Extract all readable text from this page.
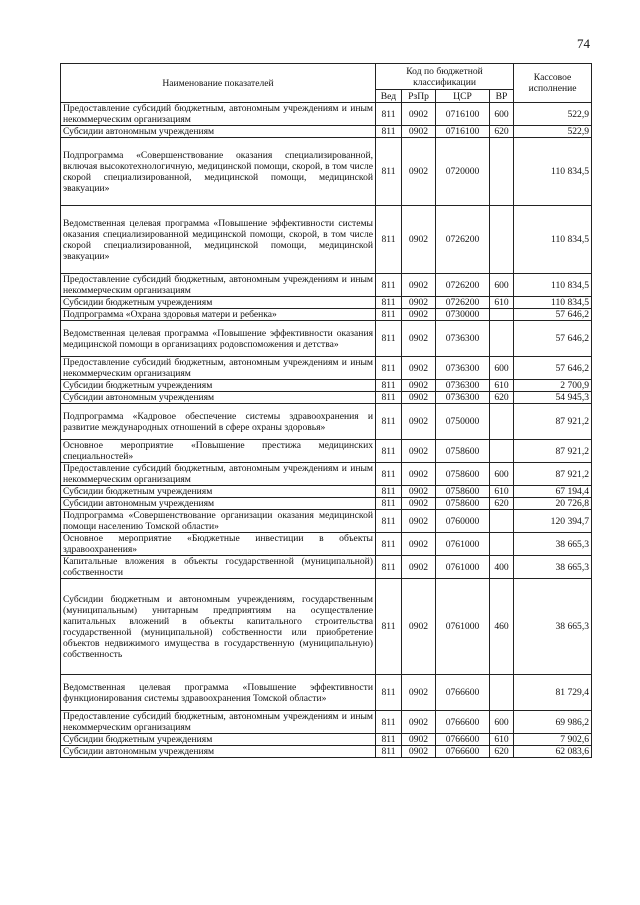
74
Наименование показателей	Код по бюджетной классификации				Кассовое исполнение
	Вед	РзПр	ЦСР	ВР	
Предоставление субсидий бюджетным, автономным учреждениям и иным некоммерческим организациям	811	0902	0716100	600	522,9
Субсидии автономным учреждениям	811	0902	0716100	620	522,9
Подпрограмма «Совершенствование оказания специализированной, включая высокотехнологичную, медицинской помощи, скорой, в том числе скорой специализированной, медицинской помощи, медицинской эвакуации»	811	0902	0720000		110 834,5
Ведомственная целевая программа «Повышение эффективности системы оказания специализированной медицинской помощи, скорой, в том числе скорой специализированной, медицинской помощи, медицинской эвакуации»	811	0902	0726200		110 834,5
Предоставление субсидий бюджетным, автономным учреждениям и иным некоммерческим организациям	811	0902	0726200	600	110 834,5
Субсидии бюджетным учреждениям	811	0902	0726200	610	110 834,5
Подпрограмма «Охрана здоровья матери и ребенка»	811	0902	0730000		57 646,2
Ведомственная целевая программа «Повышение эффективности оказания медицинской помощи в организациях родовспоможения и детства»	811	0902	0736300		57 646,2
Предоставление субсидий бюджетным, автономным учреждениям и иным некоммерческим организациям	811	0902	0736300	600	57 646,2
Субсидии бюджетным учреждениям	811	0902	0736300	610	2 700,9
Субсидии автономным учреждениям	811	0902	0736300	620	54 945,3
Подпрограмма «Кадровое обеспечение системы здравоохранения и развитие международных отношений в сфере охраны здоровья»	811	0902	0750000		87 921,2
Основное мероприятие «Повышение престижа медицинских специальностей»	811	0902	0758600		87 921,2
Предоставление субсидий бюджетным, автономным учреждениям и иным некоммерческим организациям	811	0902	0758600	600	87 921,2
Субсидии бюджетным учреждениям	811	0902	0758600	610	67 194,4
Субсидии автономным учреждениям	811	0902	0758600	620	20 726,8
Подпрограмма «Совершенствование организации оказания медицинской помощи населению Томской области»	811	0902	0760000		120 394,7
Основное мероприятие «Бюджетные инвестиции в объекты здравоохранения»	811	0902	0761000		38 665,3
Капитальные вложения в объекты государственной (муниципальной) собственности	811	0902	0761000	400	38 665,3
Субсидии бюджетным и автономным учреждениям, государственным (муниципальным) унитарным предприятиям на осуществление капитальных вложений в объекты капитального строительства государственной (муниципальной) собственности или приобретение объектов недвижимого имущества в государственную (муниципальную) собственность	811	0902	0761000	460	38 665,3
Ведомственная целевая программа «Повышение эффективности функционирования системы здравоохранения Томской области»	811	0902	0766600		81 729,4
Предоставление субсидий бюджетным, автономным учреждениям и иным некоммерческим организациям	811	0902	0766600	600	69 986,2
Субсидии бюджетным учреждениям	811	0902	0766600	610	7 902,6
Субсидии автономным учреждениям	811	0902	0766600	620	62 083,6
